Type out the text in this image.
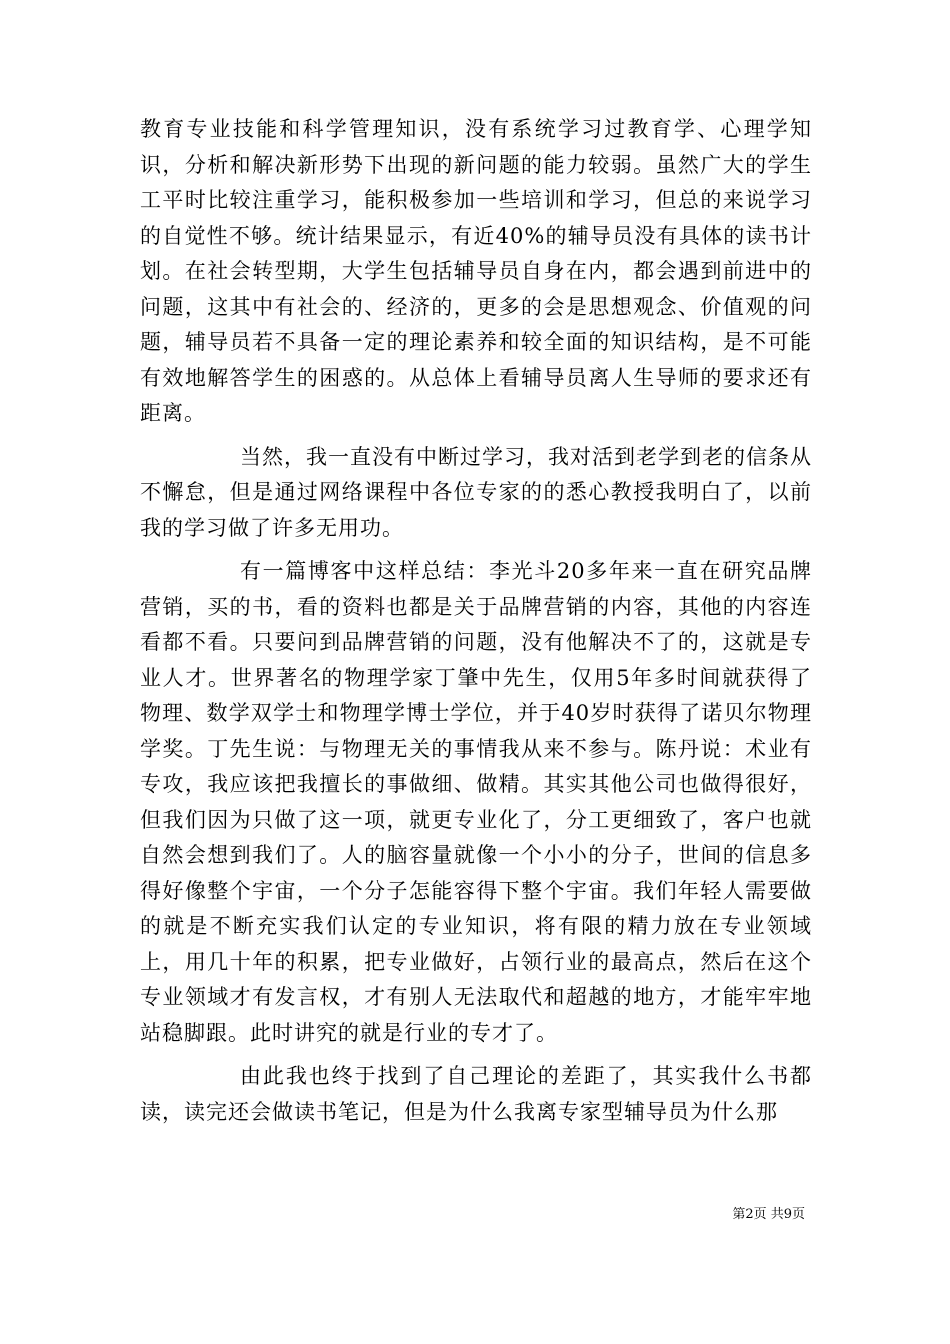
教育专业技能和科学管理知识，没有系统学习过教育学、心理学知识，分析和解决新形势下出现的新问题的能力较弱。虽然广大的学生工平时比较注重学习，能积极参加一些培训和学习，但总的来说学习的自觉性不够。统计结果显示，有近40%的辅导员没有具体的读书计划。在社会转型期，大学生包括辅导员自身在内，都会遇到前进中的问题，这其中有社会的、经济的，更多的会是思想观念、价值观的问题，辅导员若不具备一定的理论素养和较全面的知识结构，是不可能有效地解答学生的困惑的。从总体上看辅导员离人生导师的要求还有距离。

当然，我一直没有中断过学习，我对活到老学到老的信条从不懈怠，但是通过网络课程中各位专家的的悉心教授我明白了，以前我的学习做了许多无用功。

有一篇博客中这样总结：李光斗20多年来一直在研究品牌营销，买的书，看的资料也都是关于品牌营销的内容，其他的内容连看都不看。只要问到品牌营销的问题，没有他解决不了的，这就是专业人才。世界著名的物理学家丁肇中先生，仅用5年多时间就获得了物理、数学双学士和物理学博士学位，并于40岁时获得了诺贝尔物理学奖。丁先生说：与物理无关的事情我从来不参与。陈丹说：术业有专攻，我应该把我擅长的事做细、做精。其实其他公司也做得很好，但我们因为只做了这一项，就更专业化了，分工更细致了，客户也就自然会想到我们了。人的脑容量就像一个小小的分子，世间的信息多得好像整个宇宙，一个分子怎能容得下整个宇宙。我们年轻人需要做的就是不断充实我们认定的专业知识，将有限的精力放在专业领域上，用几十年的积累，把专业做好，占领行业的最高点，然后在这个专业领域才有发言权，才有别人无法取代和超越的地方，才能牢牢地站稳脚跟。此时讲究的就是行业的专才了。

由此我也终于找到了自己理论的差距了，其实我什么书都读，读完还会做读书笔记，但是为什么我离专家型辅导员为什么那

第2页 共9页
